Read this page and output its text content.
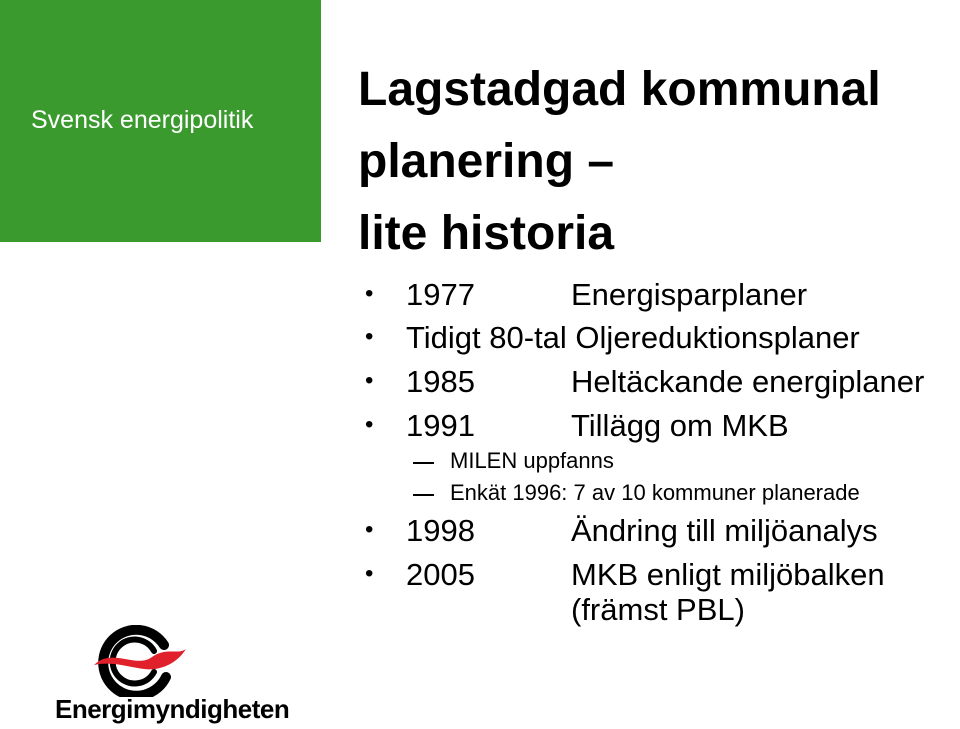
Svensk energipolitik
Lagstadgad kommunal
planering –
lite historia
• 1977	Energisparplaner
• Tidigt 80-tal Oljereduktionsplaner
• 1985	Heltäckande energiplaner
• 1991	Tillägg om MKB
MILEN uppfanns
Enkät 1996: 7 av 10 kommuner planerade
• 1998	Ändring till miljöanalys
• 2005	MKB enligt miljöbalken
(främst PBL)
Energimyndigheten
